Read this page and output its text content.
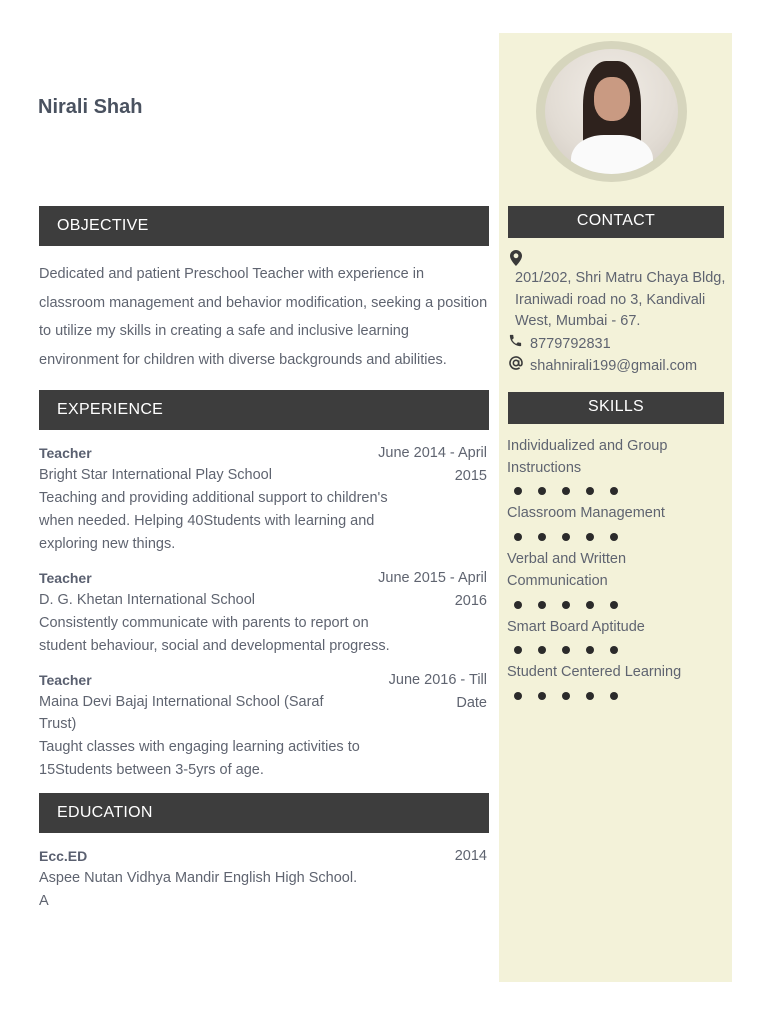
Nirali Shah
OBJECTIVE
Dedicated and patient Preschool Teacher with experience in classroom management and behavior modification, seeking a position to utilize my skills in creating a safe and inclusive learning environment for children with diverse backgrounds and abilities.
EXPERIENCE
June 2014 - April 2015
Teacher
Bright Star International Play School
Teaching and providing additional support to children's when needed. Helping 40Students with learning and exploring new things.
June 2015 - April 2016
Teacher
D. G. Khetan International School
Consistently communicate with parents to report on student behaviour, social and developmental progress.
June 2016 - Till Date
Teacher
Maina Devi Bajaj International School (Saraf Trust)
Taught classes with engaging learning activities to 15Students between 3-5yrs of age.
EDUCATION
2014
Ecc.ED
Aspee Nutan Vidhya Mandir English High School.
A
CONTACT
201/202, Shri Matru Chaya Bldg, Iraniwadi road no 3, Kandivali West, Mumbai - 67.
8779792831
shahnirali199@gmail.com
SKILLS
Individualized and Group Instructions
Classroom Management
Verbal and Written Communication
Smart Board Aptitude
Student Centered Learning
